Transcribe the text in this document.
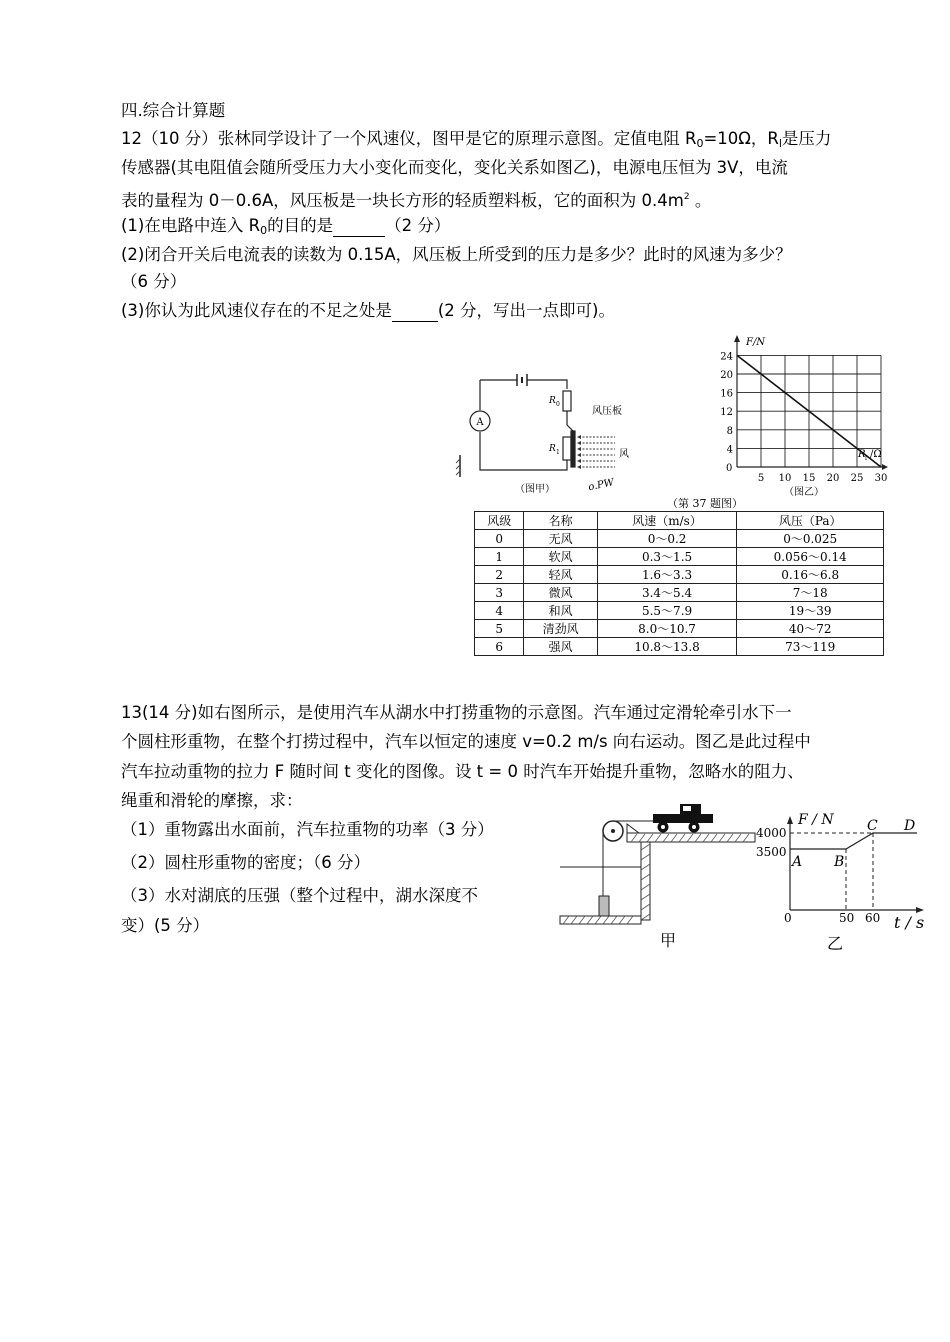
四.综合计算题
12（10 分）张林同学设计了一个风速仪，图甲是它的原理示意图。定值电阻 $R_0=10\Omega$，$R_l$是压力
传感器(其电阻值会随所受压力大小变化而变化，变化关系如图乙)，电源电压恒为 3V，电流
表的量程为 0－0.6A，风压板是一块长方形的轻质塑料板，它的面积为 $0.4m^2$ 。
(1)在电路中连入 $R_0$的目的是	（2 分）
(2)闭合开关后电流表的读数为 0.15A，风压板上所受到的压力是多少？此时的风速为多少？
（6 分）
(3)你认为此风速仪存在的不足之处是	(2 分，写出一点即可)。
A
R 0
R 1
风压板
风
o.PW
（图甲）
4
8
12
16
20
24
5 10 15 20 25 30
F/N
R l /Ω
0
（图乙）
（第 37 题图）
风级	名称	风速（m/s）	风压（Pa）
0	无风	0～0.2	0～0.025
1	软风	0.3～1.5	0.056～0.14
2	轻风	1.6～3.3	0.16～6.8
3	微风	3.4～5.4	7～18
4	和风	5.5～7.9	19～39
5	清劲风	8.0～10.7	40～72
6	强风	10.8～13.8	73～119
13(14 分)如右图所示，是使用汽车从湖水中打捞重物的示意图。汽车通过定滑轮牵引水下一
个圆柱形重物，在整个打捞过程中，汽车以恒定的速度 v=0.2 m/s 向右运动。图乙是此过程中
汽车拉动重物的拉力 F 随时间 t 变化的图像。设 t = 0 时汽车开始提升重物，忽略水的阻力、
绳重和滑轮的摩擦，求：
（1）重物露出水面前，汽车拉重物的功率（3 分）
（2）圆柱形重物的密度；（6 分）
（3）水对湖底的压强（整个过程中，湖水深度不
变）(5 分）
甲
F / N
4000
3500
A B
C D
0	50 60 t / s
乙
